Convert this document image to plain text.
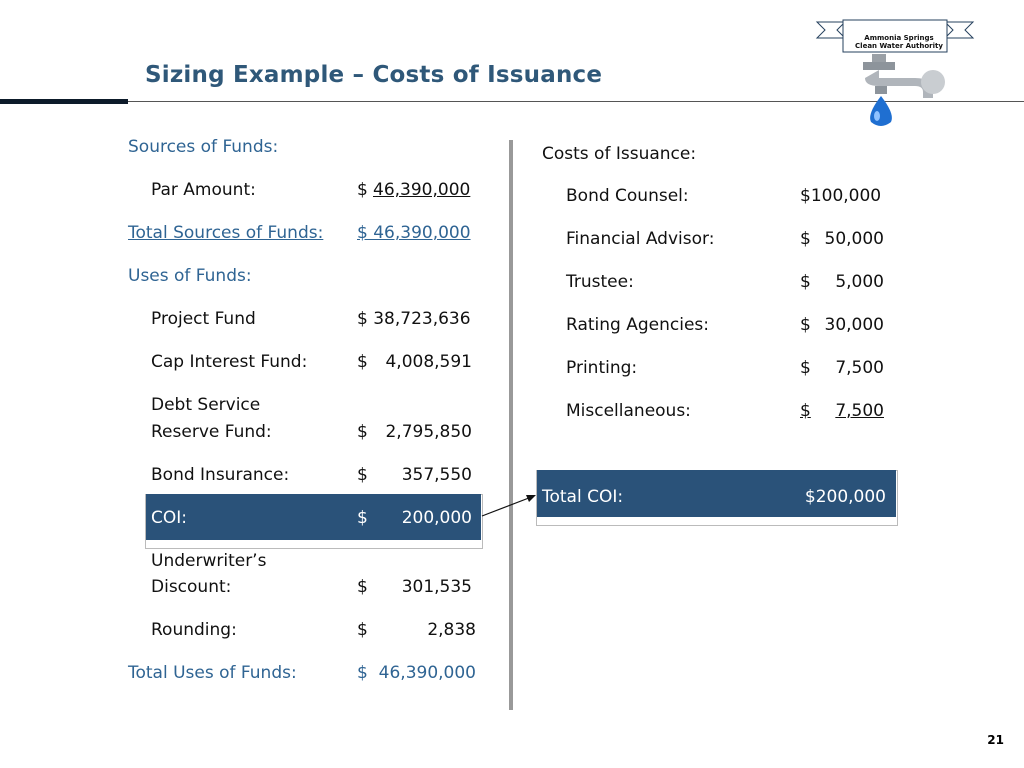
Sizing Example – Costs of Issuance
Ammonia Springs
Clean Water Authority
Sources of Funds:
Par Amount:	$ 46,390,000
Total Sources of Funds:	$ 46,390,000
Uses of Funds:
Project Fund	$ 38,723,636
Cap Interest Fund:	$	4,008,591
Debt Service
Reserve Fund:	$	2,795,850
Bond Insurance:	$	357,550
COI:	$	200,000
Underwriter’s
Discount:	$	301,535
Rounding:	$	2,838
Total Uses of Funds:	$ 46,390,000
Costs of Issuance:
Bond Counsel:	$100,000
Financial Advisor:	$ 50,000
Trustee:	$	5,000
Rating Agencies:	$ 30,000
Printing:	$	7,500
Miscellaneous:	$	7,500
Total COI:	$200,000
21
